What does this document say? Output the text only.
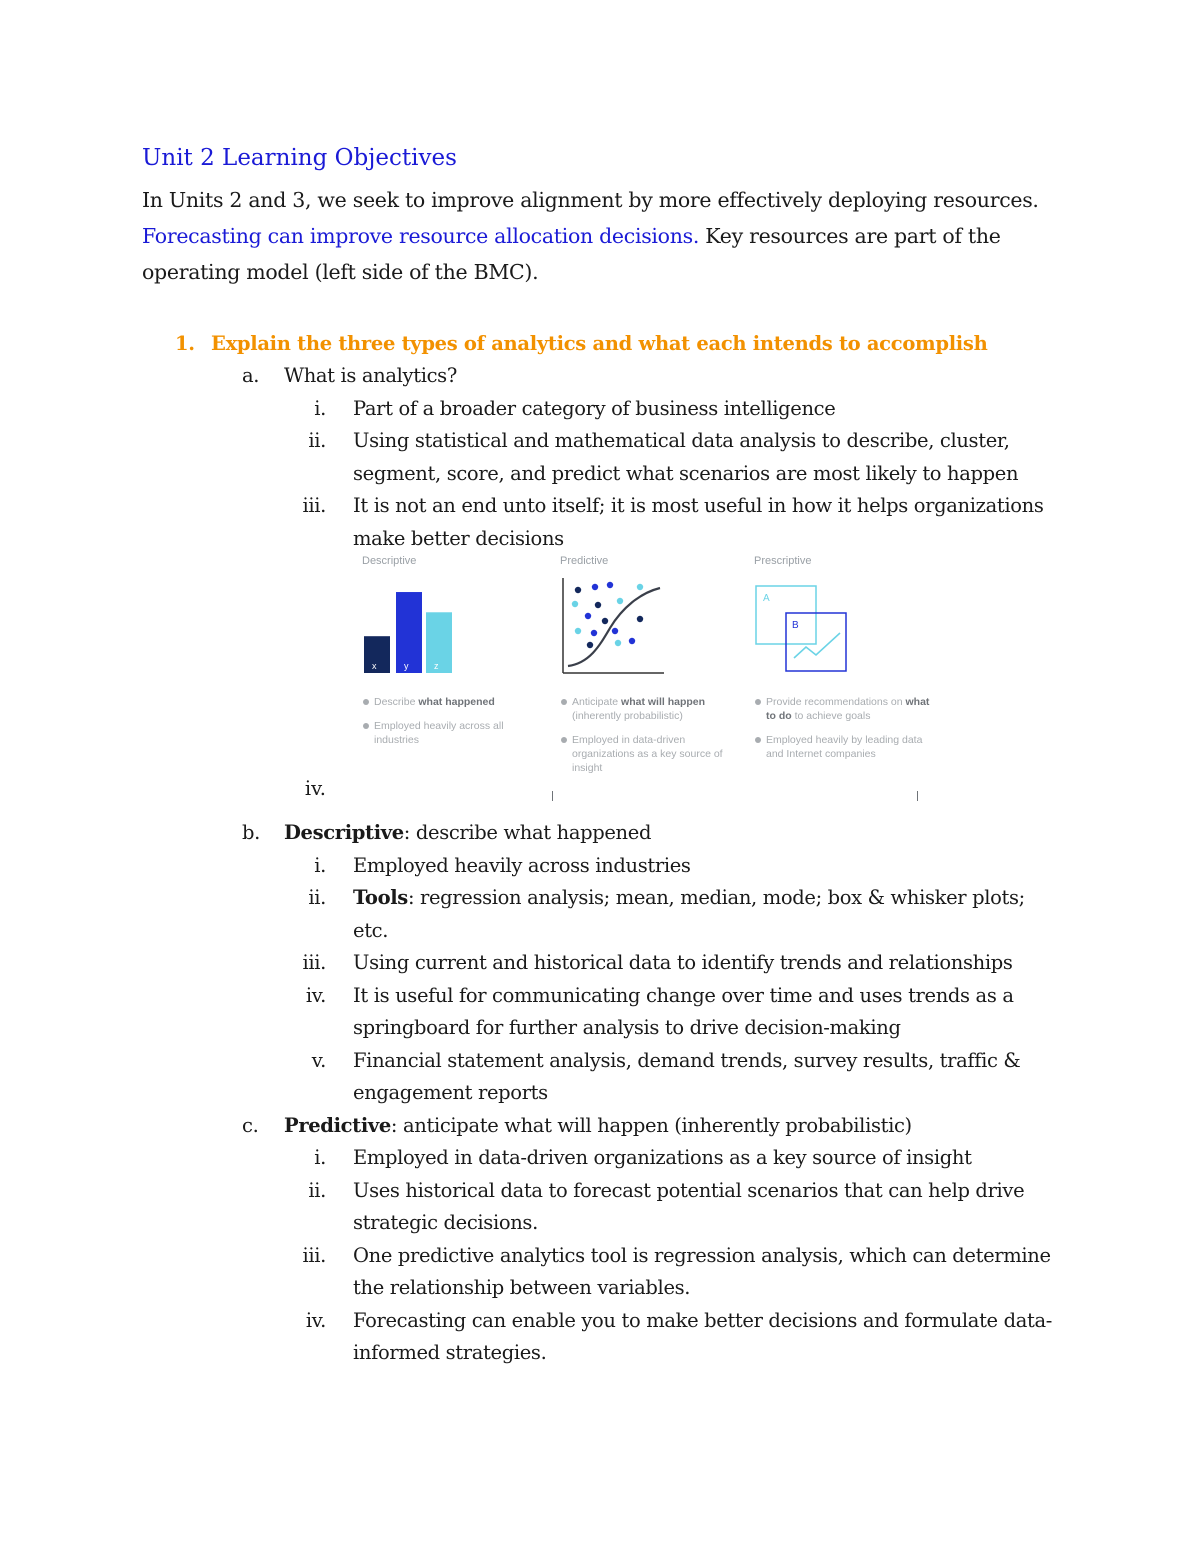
Unit 2 Learning Objectives

In Units 2 and 3, we seek to improve alignment by more effectively deploying resources. Forecasting can improve resource allocation decisions. Key resources are part of the operating model (left side of the BMC).

1. Explain the three types of analytics and what each intends to accomplish
a. What is analytics?
i. Part of a broader category of business intelligence
ii. Using statistical and mathematical data analysis to describe, cluster, segment, score, and predict what scenarios are most likely to happen
iii. It is not an end unto itself; it is most useful in how it helps organizations make better decisions
iv.
Descriptive
x	y	z
Describe what happened
Employed heavily across all industries
Predictive
Anticipate what will happen (inherently probabilistic)
Employed in data-driven organizations as a key source of insight
Prescriptive
A
B
Provide recommendations on what to do to achieve goals
Employed heavily by leading data and Internet companies
b. Descriptive: describe what happened
i. Employed heavily across industries
ii. Tools: regression analysis; mean, median, mode; box & whisker plots; etc.
iii. Using current and historical data to identify trends and relationships
iv. It is useful for communicating change over time and uses trends as a springboard for further analysis to drive decision-making
v. Financial statement analysis, demand trends, survey results, traffic & engagement reports
c. Predictive: anticipate what will happen (inherently probabilistic)
i. Employed in data-driven organizations as a key source of insight
ii. Uses historical data to forecast potential scenarios that can help drive strategic decisions.
iii. One predictive analytics tool is regression analysis, which can determine the relationship between variables.
iv. Forecasting can enable you to make better decisions and formulate data-informed strategies.
